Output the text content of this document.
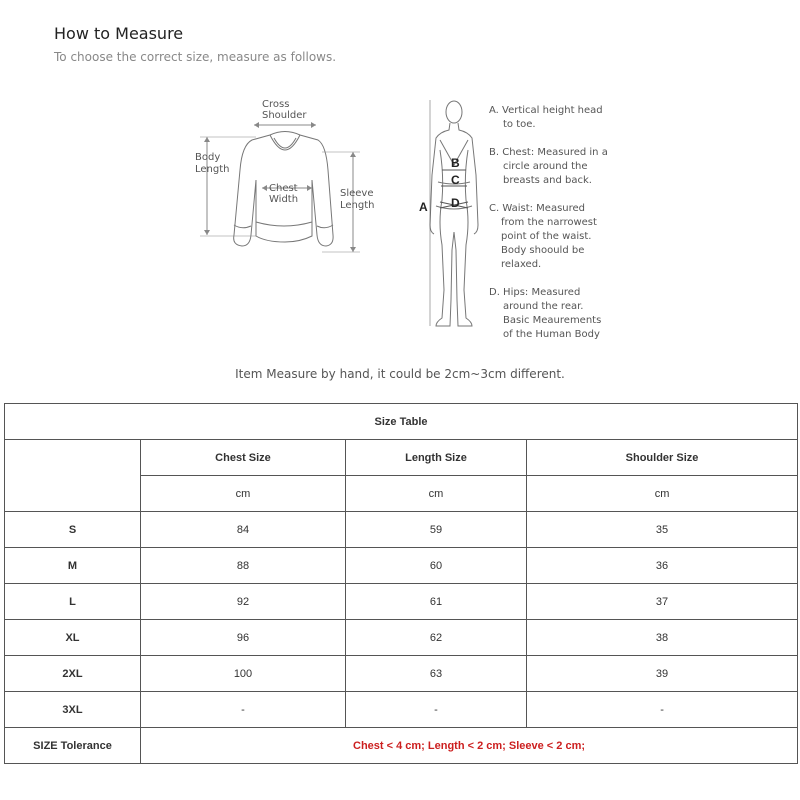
How to Measure
To choose the correct size, measure as follows.
Cross
Shoulder
Body
Length
Chest
Width
Sleeve
Length	A
B
C
D
A. Vertical height head
to toe.
B. Chest: Measured in a
circle around the
breasts and back.
C. Waist: Measured
from the narrowest
point of the waist.
Body shoould be
relaxed.
D. Hips: Measured
around the rear.
Basic Meaurements
of the Human Body
Item Measure by hand, it could be 2cm~3cm different.
Size Table			
	Chest Size	Length Size	Shoulder Size
	cm	cm	cm
S	84	59	35
M	88	60	36
L	92	61	37
XL	96	62	38
2XL	100	63	39
3XL	-	-	-
SIZE Tolerance	Chest < 4 cm; Length < 2 cm; Sleeve < 2 cm;		
